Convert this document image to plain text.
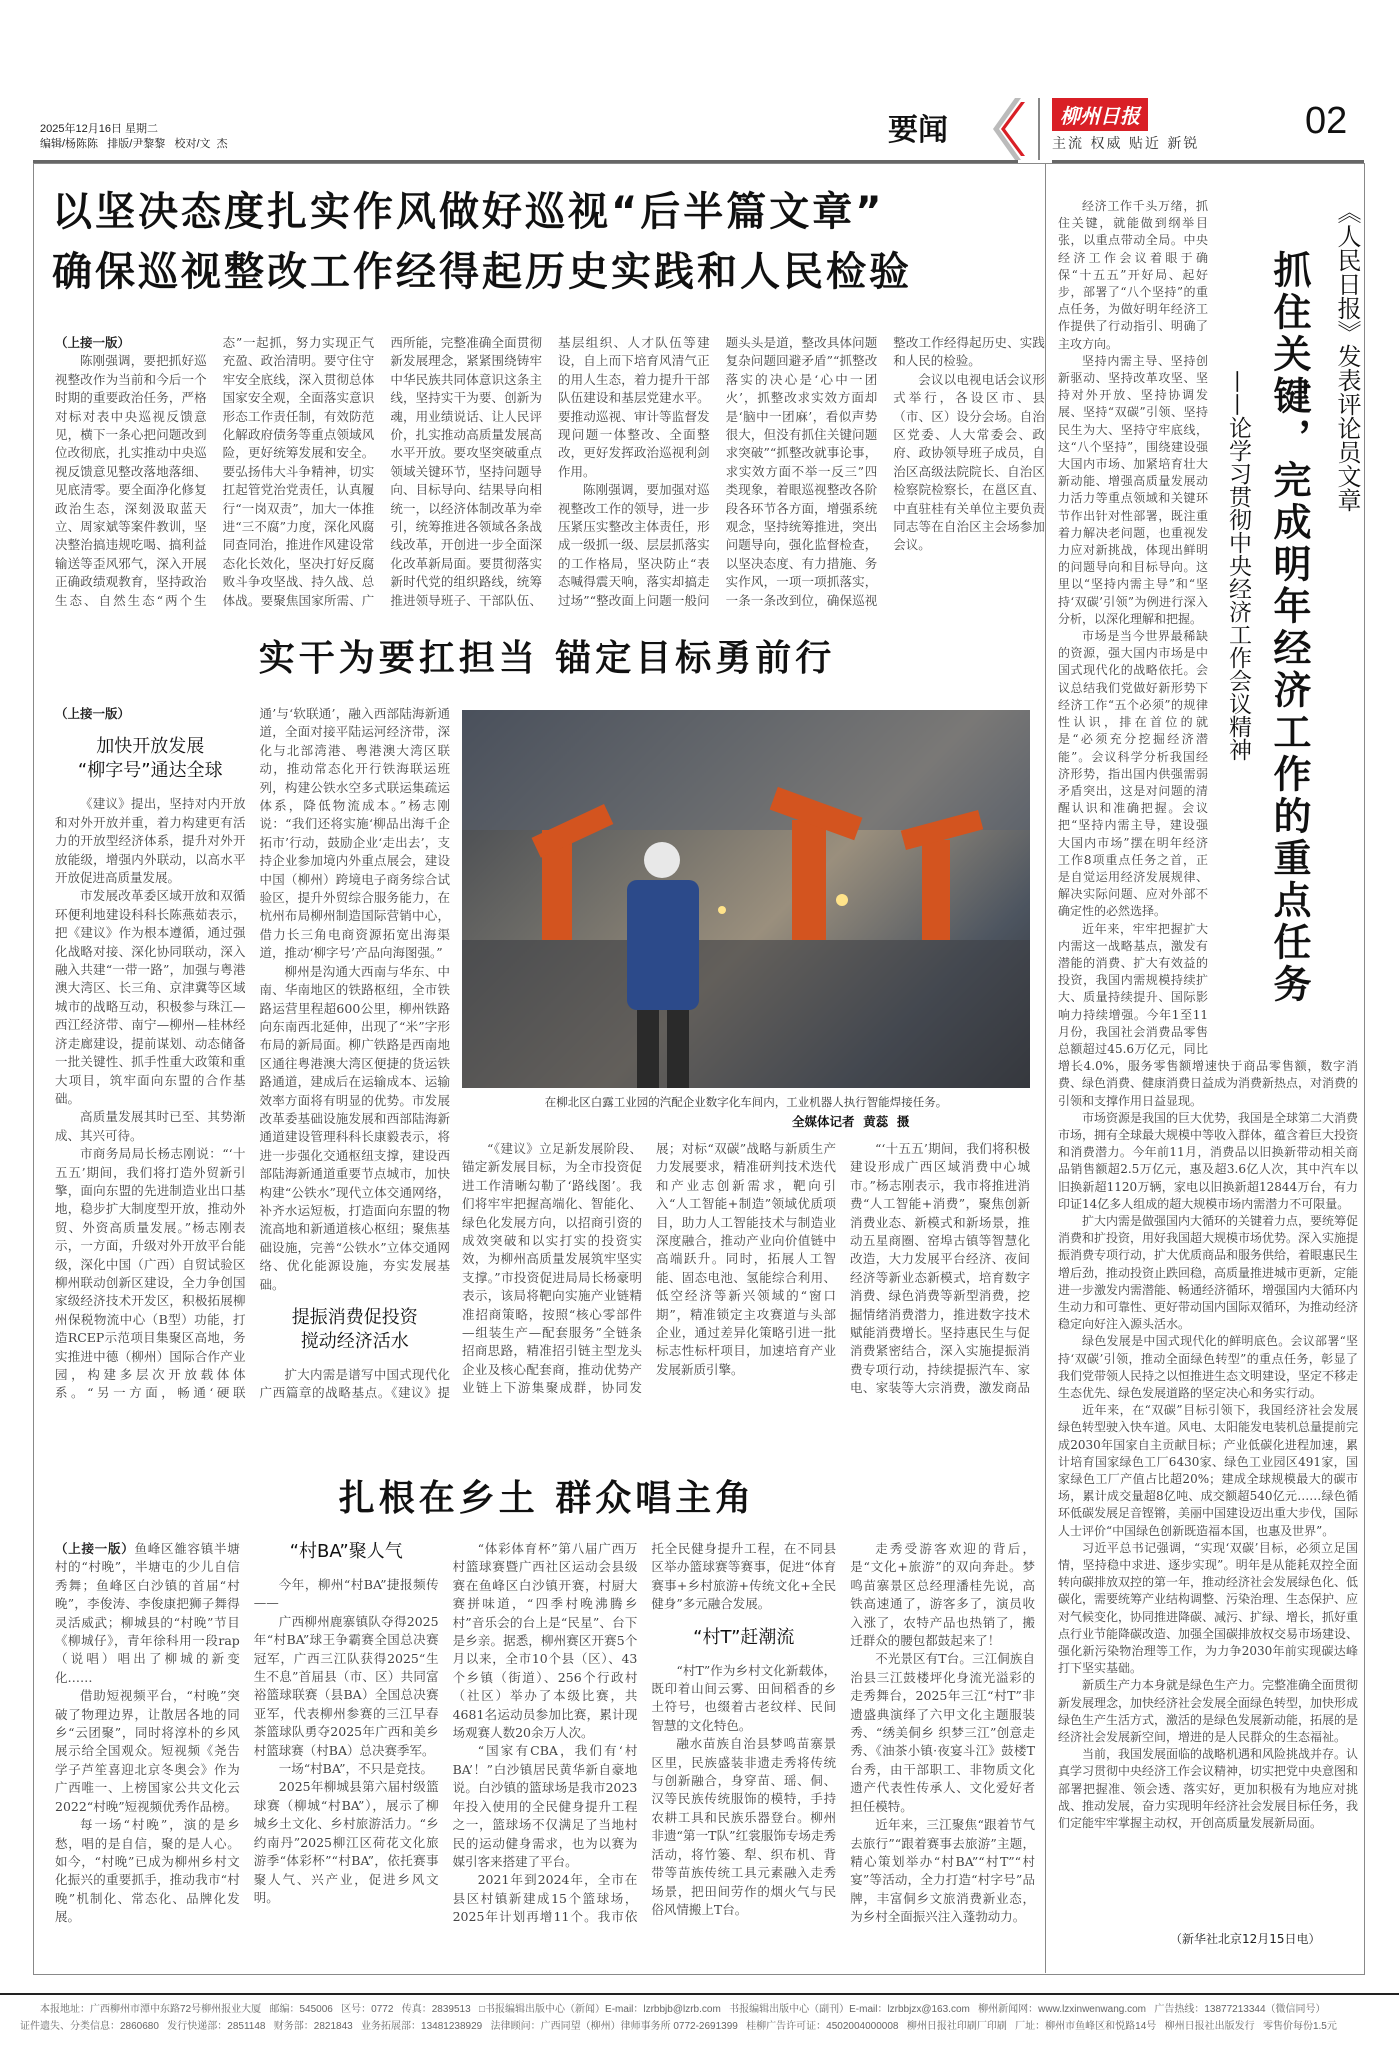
2025年12月16日 星期二
编辑/杨陈陈   排版/尹黎黎   校对/文  杰	要闻	柳州日报
主流 权威 贴近 新锐
02
以坚决态度扎实作风做好巡视“后半篇文章”
确保巡视整改工作经得起历史实践和人民检验
（上接一版）

陈刚强调，要把抓好巡视整改作为当前和今后一个时期的重要政治任务，严格对标对表中央巡视反馈意见，横下一条心把问题改到位改彻底，扎实推动中央巡视反馈意见整改落地落细、见底清零。要全面净化修复政治生态，深刻汲取蓝天立、周家斌等案件教训，坚决整治搞违规吃喝、搞利益输送等歪风邪气，深入开展正确政绩观教育，坚持政治生态、自然生态“两个生态”一起抓，努力实现正气充盈、政治清明。要守住守牢安全底线，深入贯彻总体国家安全观，全面落实意识形态工作责任制，有效防范化解政府债务等重点领域风险，更好统筹发展和安全。要弘扬伟大斗争精神，切实扛起管党治党责任，认真履行“一岗双责”，加大一体推进“三不腐”力度，深化风腐同查同治，推进作风建设常态化长效化，坚决打好反腐败斗争攻坚战、持久战、总体战。要聚焦国家所需、广西所能，完整准确全面贯彻新发展理念，紧紧围绕铸牢中华民族共同体意识这条主线，坚持实干为要、创新为魂，用业绩说话、让人民评价，扎实推动高质量发展高水平开放。要攻坚突破重点领域关键环节，坚持问题导向、目标导向、结果导向相统一，以经济体制改革为牵引，统筹推进各领域各条战线改革，开创进一步全面深化改革新局面。要贯彻落实新时代党的组织路线，统筹推进领导班子、干部队伍、基层组织、人才队伍等建设，自上而下培育风清气正的用人生态，着力提升干部队伍建设和基层党建水平。要推动巡视、审计等监督发现问题一体整改、全面整改，更好发挥政治巡视利剑作用。

陈刚强调，要加强对巡视整改工作的领导，进一步压紧压实整改主体责任，形成一级抓一级、层层抓落实的工作格局，坚决防止“表态喊得震天响，落实却搞走过场”“整改面上问题一般问题头头是道，整改具体问题复杂问题回避矛盾”“抓整改落实的决心是‘心中一团火’，抓整改求实效方面却是‘脑中一团麻’，看似声势很大，但没有抓住关键问题求突破”“抓整改就事论事，求实效方面不举一反三”四类现象，着眼巡视整改各阶段各环节各方面，增强系统观念，坚持统筹推进，突出问题导向，强化监督检查，以坚决态度、有力措施、务实作风，一项一项抓落实，一条一条改到位，确保巡视整改工作经得起历史、实践和人民的检验。

会议以电视电话会议形式举行，各设区市、县（市、区）设分会场。自治区党委、人大常委会、政府、政协领导班子成员，自治区高级法院院长、自治区检察院检察长，在邕区直、中直驻桂有关单位主要负责同志等在自治区主会场参加会议。

实干为要扛担当 锚定目标勇前行
（上接一版）
加快开放发展
“柳字号”通达全球

《建议》提出，坚持对内开放和对外开放并重，着力构建更有活力的开放型经济体系，提升对外开放能级，增强内外联动，以高水平开放促进高质量发展。

市发展改革委区域开放和双循环便利地建设科科长陈燕茹表示，把《建议》作为根本遵循，通过强化战略对接、深化协同联动，深入融入共建“一带一路”，加强与粤港澳大湾区、长三角、京津冀等区域城市的战略互动，积极参与珠江—西江经济带、南宁—柳州—桂林经济走廊建设，提前谋划、动态储备一批关键性、抓手性重大政策和重大项目，筑牢面向东盟的合作基础。

高质量发展其时已至、其势渐成、其兴可待。

市商务局局长杨志刚说：“‘十五五’期间，我们将打造外贸新引擎，面向东盟的先进制造业出口基地，稳步扩大制度型开放，推动外贸、外资高质量发展。”杨志刚表示，一方面，升级对外开放平台能级，深化中国（广西）自贸试验区柳州联动创新区建设，全力争创国家级经济技术开发区，积极拓展柳州保税物流中心（B型）功能，打造RCEP示范项目集聚区高地，务实推进中德（柳州）国际合作产业园，构建多层次开放载体体系。“另一方面，畅通‘硬联通’与‘软联通’，融入西部陆海新通道，全面对接平陆运河经济带，深化与北部湾港、粤港澳大湾区联动，推动常态化开行铁海联运班列，构建公铁水空多式联运集疏运体系，降低物流成本。”杨志刚说：“我们还将实施‘柳品出海千企拓市’行动，鼓励企业‘走出去’，支持企业参加境内外重点展会，建设中国（柳州）跨境电子商务综合试验区，提升外贸综合服务能力，在杭州布局柳州制造国际营销中心，借力长三角电商资源拓宽出海渠道，推动‘柳字号’产品向海图强。”

柳州是沟通大西南与华东、中南、华南地区的铁路枢纽，全市铁路运营里程超600公里，柳州铁路向东南西北延伸，出现了“米”字形布局的新局面。柳广铁路是西南地区通往粤港澳大湾区便捷的货运铁路通道，建成后在运输成本、运输效率方面将有明显的优势。市发展改革委基础设施发展和西部陆海新通道建设管理科科长康毅表示，将进一步强化交通枢纽支撑，建设西部陆海新通道重要节点城市，加快构建“公铁水”现代立体交通网络，补齐水运短板，打造面向东盟的物流高地和新通道核心枢纽；聚焦基础设施，完善“公铁水”立体交通网络、优化能源设施，夯实发展基础。

提振消费促投资
搅动经济活水

扩大内需是谱写中国式现代化广西篇章的战略基点。《建议》提

在柳北区白露工业园的汽配企业数字化车间内，工业机器人执行智能焊接任务。
全媒体记者  黄蕊  摄

“《建议》立足新发展阶段、锚定新发展目标，为全市投资促进工作清晰勾勒了‘路线图’。我们将牢牢把握高端化、智能化、绿色化发展方向，以招商引资的成效突破和以实打实的投资实效，为柳州高质量发展筑牢坚实支撑。”市投资促进局局长杨豪明表示，该局将靶向实施产业链精准招商策略，按照“核心零部件—组装生产—配套服务”全链条招商思路，精准招引链主型龙头企业及核心配套商，推动优势产业链上下游集聚成群，协同发展；对标“双碳”战略与新质生产力发展要求，精准研判技术迭代和产业志创新需求，靶向引入“人工智能+制造”领域优质项目，助力人工智能技术与制造业深度融合，推动产业向价值链中高端跃升。同时，拓展人工智能、固态电池、氢能综合利用、低空经济等新兴领域的“窗口期”，精准锁定主攻赛道与头部企业，通过差异化策略引进一批标志性标杆项目，加速培育产业发展新质引擎。

“‘十五五’期间，我们将积极建设形成广西区域消费中心城市。”杨志刚表示，我市将推进消费“人工智能+消费”，聚焦创新消费业态、新模式和新场景，推动五星商圈、窑埠古镇等智慧化改造，大力发展平台经济、夜间经济等新业态新模式，培育数字消费、绿色消费等新型消费，挖掘情绪消费潜力，推进数字技术赋能消费增长。坚持惠民生与促消费紧密结合，深入实施提振消费专项行动，持续提振汽车、家电、家装等大宗消费，激发商品

扎根在乡土 群众唱主角

（上接一版）鱼峰区雒容镇半塘村的“村晚”，半塘屯的少儿自信秀舞；鱼峰区白沙镇的首届“村晚”，李俊涛、李俊康把狮子舞得灵活威武；柳城县的“村晚”节目《柳城仔》，青年徐科用一段rap（说唱）唱出了柳城的新变化……

借助短视频平台，“村晚”突破了物理边界，让散居各地的同乡“云团聚”，同时将淳朴的乡风展示给全国观众。短视频《尧告学子芦笙喜迎北京冬奥会》作为广西唯一、上榜国家公共文化云2022“村晚”短视频优秀作品榜。

每一场“村晚”，演的是乡愁，唱的是自信，聚的是人心。如今，“村晚”已成为柳州乡村文化振兴的重要抓手，推动我市“村晚”机制化、常态化、品牌化发展。

“村BA”聚人气

今年，柳州“村BA”捷报频传——

广西柳州鹿寨镇队夺得2025年“村BA”球王争霸赛全国总决赛冠军，广西三江队获得2025“生生不息”首届县（市、区）共同富裕篮球联赛（县BA）全国总决赛亚军，代表柳州参赛的三江早春茶篮球队勇夺2025年广西和美乡村篮球赛（村BA）总决赛季军。

一场“村BA”，不只是竞技。

2025年柳城县第六届村级篮球赛（柳城“村BA”），展示了柳城乡土文化、乡村旅游活力。“乡约南丹”2025柳江区荷花文化旅游季“体彩杯”“村BA”，依托赛事聚人气、兴产业，促进乡风文明。

“体彩体育杯”第八届广西万村篮球赛暨广西社区运动会县级赛在鱼峰区白沙镇开赛，村厨大赛拼味道，“四季村晚沸腾乡村”音乐会的台上是“民星”、台下是乡亲。据悉，柳州赛区开赛5个月以来，全市10个县（区）、43个乡镇（街道）、256个行政村（社区）举办了本级比赛，共4681名运动员参加比赛，累计现场观赛人数20余万人次。

“国家有CBA，我们有‘村BA’！”白沙镇居民黄华新自豪地说。白沙镇的篮球场是我市2023年投入使用的全民健身提升工程之一，篮球场不仅满足了当地村民的运动健身需求，也为以赛为媒引客来搭建了平台。

2021年到2024年，全市在县区村镇新建成15个篮球场，2025年计划再增11个。我市依托全民健身提升工程，在不同县区举办篮球赛等赛事，促进“体育赛事+乡村旅游+传统文化+全民健身”多元融合发展。

“村T”赶潮流

“村T”作为乡村文化新载体，既印着山间云雾、田间稻香的乡土符号，也缀着古老纹样、民间智慧的文化特色。

融水苗族自治县梦鸣苗寨景区里，民族盛装非遗走秀将传统与创新融合，身穿苗、瑶、侗、汉等民族传统服饰的模特，手持农耕工具和民族乐器登台。柳州非遗“第一T队”红裳服饰专场走秀活动，将竹篓、犁、织布机、背带等苗族传统工具元素融入走秀场景，把田间劳作的烟火气与民俗风情搬上T台。

走秀受游客欢迎的背后，是“文化+旅游”的双向奔赴。梦鸣苗寨景区总经理潘桂先说，高铁高速通了，游客多了，演员收入涨了，农特产品也热销了，搬迁群众的腰包都鼓起来了！

不光景区有T台。三江侗族自治县三江鼓楼坪化身流光溢彩的走秀舞台，2025年三江“村T”非遗盛典演绎了六甲文化主题服装秀、“绣美侗乡 织梦三江”创意走秀、《油茶小镇·夜宴斗江》鼓楼T台秀，由干部职工、非物质文化遗产代表性传承人、文化爱好者担任模特。

近年来，三江聚焦“跟着节气去旅行”“跟着赛事去旅游”主题，精心策划举办“村BA”“村T”“村宴”等活动，全力打造“村字号”品牌，丰富侗乡文旅消费新业态，为乡村全面振兴注入蓬勃动力。

《人民日报》发表评论员文章
抓住关键，完成明年经济工作的重点任务
——论学习贯彻中央经济工作会议精神

经济工作千头万绪，抓住关键，就能做到纲举目张，以重点带动全局。中央经济工作会议着眼于确保“十五五”开好局、起好步，部署了“八个坚持”的重点任务，为做好明年经济工作提供了行动指引、明确了主攻方向。

坚持内需主导、坚持创新驱动、坚持改革攻坚、坚持对外开放、坚持协调发展、坚持“双碳”引领、坚持民生为大、坚持守牢底线，这“八个坚持”，围绕建设强大国内市场、加紧培育壮大新动能、增强高质量发展动力活力等重点领域和关键环节作出针对性部署，既注重着力解决老问题，也重视发力应对新挑战，体现出鲜明的问题导向和目标导向。这里以“坚持内需主导”和“坚持‘双碳’引领”为例进行深入分析，以深化理解和把握。

市场是当今世界最稀缺的资源，强大国内市场是中国式现代化的战略依托。会议总结我们党做好新形势下经济工作“五个必须”的规律性认识，排在首位的就是“必须充分挖掘经济潜能”。会议科学分析我国经济形势，指出国内供强需弱矛盾突出，这是对问题的清醒认识和准确把握。会议把“坚持内需主导，建设强大国内市场”摆在明年经济工作8项重点任务之首，正是自觉运用经济发展规律、解决实际问题、应对外部不确定性的必然选择。

近年来，牢牢把握扩大内需这一战略基点，激发有潜能的消费、扩大有效益的投资，我国内需规模持续扩大、质量持续提升、国际影响力持续增强。今年1至11月份，我国社会消费品零售总额超过45.6万亿元，同比增长4.0%，服务零售额增速快于商品零售额，数字消费、绿色消费、健康消费日益成为消费新热点，对消费的引领和支撑作用日益显现。

市场资源是我国的巨大优势，我国是全球第二大消费市场，拥有全球最大规模中等收入群体，蕴含着巨大投资和消费潜力。今年前11月，消费品以旧换新带动相关商品销售额超2.5万亿元，惠及超3.6亿人次，其中汽车以旧换新超1120万辆，家电以旧换新超12844万台，有力印证14亿多人组成的超大规模市场内需潜力不可限量。

扩大内需是做强国内大循环的关键着力点，要统筹促消费和扩投资，用好我国超大规模市场优势。深入实施提振消费专项行动，扩大优质商品和服务供给，着眼惠民生增后劲，推动投资止跌回稳，高质量推进城市更新，定能进一步激发内需潜能、畅通经济循环，增强国内大循环内生动力和可靠性、更好带动国内国际双循环，为推动经济稳定向好注入源头活水。

绿色发展是中国式现代化的鲜明底色。会议部署“坚持‘双碳’引领，推动全面绿色转型”的重点任务，彰显了我们党带领人民持之以恒推进生态文明建设，坚定不移走生态优先、绿色发展道路的坚定决心和务实行动。

近年来，在“双碳”目标引领下，我国经济社会发展绿色转型驶入快车道。风电、太阳能发电装机总量提前完成2030年国家自主贡献目标；产业低碳化进程加速，累计培育国家绿色工厂6430家、绿色工业园区491家，国家绿色工厂产值占比超20%；建成全球规模最大的碳市场，累计成交量超8亿吨、成交额超540亿元……绿色循环低碳发展足音铿锵，美丽中国建设迈出重大步伐，国际人士评价“中国绿色创新既造福本国，也惠及世界”。

习近平总书记强调，“实现‘双碳’目标，必须立足国情，坚持稳中求进、逐步实现”。明年是从能耗双控全面转向碳排放双控的第一年，推动经济社会发展绿色化、低碳化，需要统筹产业结构调整、污染治理、生态保护、应对气候变化，协同推进降碳、减污、扩绿、增长，抓好重点行业节能降碳改造、加强全国碳排放权交易市场建设、强化新污染物治理等工作，为力争2030年前实现碳达峰打下坚实基础。

新质生产力本身就是绿色生产力。完整准确全面贯彻新发展理念，加快经济社会发展全面绿色转型，加快形成绿色生产生活方式，激活的是绿色发展新动能，拓展的是经济社会发展新空间，增进的是人民群众的生态福祉。

当前，我国发展面临的战略机遇和风险挑战并存。认真学习贯彻中央经济工作会议精神，切实把党中央意图和部署把握准、领会透、落实好，更加积极有为地应对挑战、推动发展，奋力实现明年经济社会发展目标任务，我们定能牢牢掌握主动权，开创高质量发展新局面。

（新华社北京12月15日电）
本报地址：广西柳州市潭中东路72号柳州报业大厦   邮编：545006   区号：0772   传真：2839513   □书报编辑出版中心（新闻）E-mail：lzrbbjb@lzrb.com   书报编辑出版中心（副刊）E-mail：lzrbbjzx@163.com   柳州新闻网：www.lzxinwenwang.com   广告热线：13877213344（微信同号）
证件遗失、分类信息：2860680   发行快递部：2851148   财务部：2821843   业务拓展部：13481238929   法律顾问：广西同望（柳州）律师事务所 0772-2691399   桂柳广告许可证：4502004000008   柳州日报社印刷厂印刷   厂址：柳州市鱼峰区和悦路14号   柳州日报社出版发行   零售价每份1.5元
